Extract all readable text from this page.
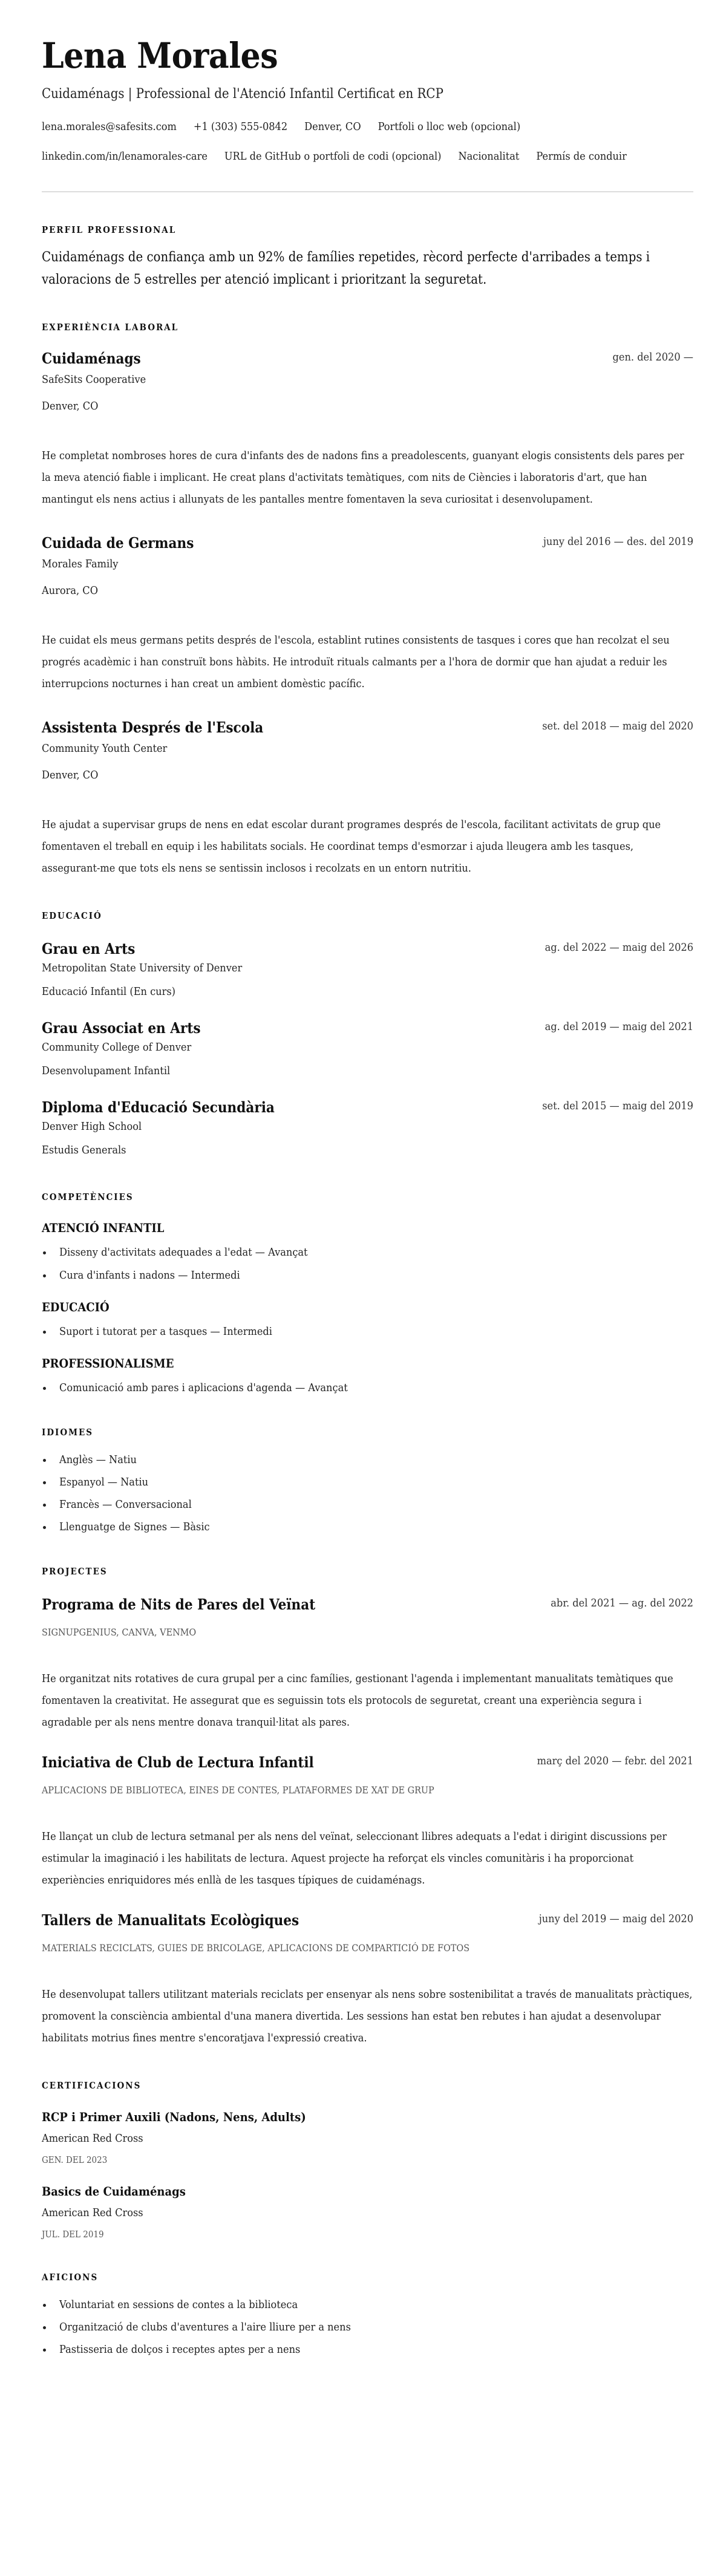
Lena Morales
Cuidaménags | Professional de l'Atenció Infantil Certificat en RCP
lena.morales@safesits.com +1 (303) 555-0842 Denver, CO Portfoli o lloc web (opcional)
linkedin.com/in/lenamorales-care URL de GitHub o portfoli de codi (opcional) Nacionalitat Permís de conduir
PERFIL PROFESSIONAL

Cuidaménags de confiança amb un 92% de famílies repetides, rècord perfecte d'arribades a temps i valoracions de 5 estrelles per atenció implicant i prioritzant la seguretat.

EXPERIÈNCIA LABORAL
Cuidaménags	gen. del 2020 —
SafeSits Cooperative
Denver, CO

He completat nombroses hores de cura d'infants des de nadons fins a preadolescents, guanyant elogis consistents dels pares per la meva atenció fiable i implicant. He creat plans d'activitats temàtiques, com nits de Ciències i laboratoris d'art, que han mantingut els nens actius i allunyats de les pantalles mentre fomentaven la seva curiositat i desenvolupament.

Cuidada de Germans	juny del 2016 — des. del 2019
Morales Family
Aurora, CO

He cuidat els meus germans petits després de l'escola, establint rutines consistents de tasques i cores que han recolzat el seu progrés acadèmic i han construït bons hàbits. He introduït rituals calmants per a l'hora de dormir que han ajudat a reduir les interrupcions nocturnes i han creat un ambient domèstic pacífic.

Assistenta Després de l'Escola	set. del 2018 — maig del 2020
Community Youth Center
Denver, CO

He ajudat a supervisar grups de nens en edat escolar durant programes després de l'escola, facilitant activitats de grup que fomentaven el treball en equip i les habilitats socials. He coordinat temps d'esmorzar i ajuda lleugera amb les tasques, assegurant-me que tots els nens se sentissin inclosos i recolzats en un entorn nutritiu.

EDUCACIÓ
Grau en Arts	ag. del 2022 — maig del 2026
Metropolitan State University of Denver
Educació Infantil (En curs)
Grau Associat en Arts	ag. del 2019 — maig del 2021
Community College of Denver
Desenvolupament Infantil
Diploma d'Educació Secundària	set. del 2015 — maig del 2019
Denver High School
Estudis Generals
COMPETÈNCIES
ATENCIÓ INFANTIL
Disseny d'activitats adequades a l'edat — Avançat
Cura d'infants i nadons — Intermedi
EDUCACIÓ
Suport i tutorat per a tasques — Intermedi
PROFESSIONALISME
Comunicació amb pares i aplicacions d'agenda — Avançat
IDIOMES
Anglès — Natiu
Espanyol — Natiu
Francès — Conversacional
Llenguatge de Signes — Bàsic
PROJECTES
Programa de Nits de Pares del Veïnat	abr. del 2021 — ag. del 2022
SIGNUPGENIUS, CANVA, VENMO

He organitzat nits rotatives de cura grupal per a cinc famílies, gestionant l'agenda i implementant manualitats temàtiques que fomentaven la creativitat. He assegurat que es seguissin tots els protocols de seguretat, creant una experiència segura i agradable per als nens mentre donava tranquil·litat als pares.

Iniciativa de Club de Lectura Infantil	març del 2020 — febr. del 2021
APLICACIONS DE BIBLIOTECA, EINES DE CONTES, PLATAFORMES DE XAT DE GRUP

He llançat un club de lectura setmanal per als nens del veïnat, seleccionant llibres adequats a l'edat i dirigint discussions per estimular la imaginació i les habilitats de lectura. Aquest projecte ha reforçat els vincles comunitàris i ha proporcionat experiències enriquidores més enllà de les tasques típiques de cuidaménags.

Tallers de Manualitats Ecològiques	juny del 2019 — maig del 2020
MATERIALS RECICLATS, GUIES DE BRICOLAGE, APLICACIONS DE COMPARTICIÓ DE FOTOS

He desenvolupat tallers utilitzant materials reciclats per ensenyar als nens sobre sostenibilitat a través de manualitats pràctiques, promovent la consciència ambiental d'una manera divertida. Les sessions han estat ben rebutes i han ajudat a desenvolupar habilitats motrius fines mentre s'encoratjava l'expressió creativa.

CERTIFICACIONS
RCP i Primer Auxili (Nadons, Nens, Adults)
American Red Cross
GEN. DEL 2023
Basics de Cuidaménags
American Red Cross
JUL. DEL 2019
AFICIONS
Voluntariat en sessions de contes a la biblioteca
Organització de clubs d'aventures a l'aire lliure per a nens
Pastisseria de dolços i receptes aptes per a nens
